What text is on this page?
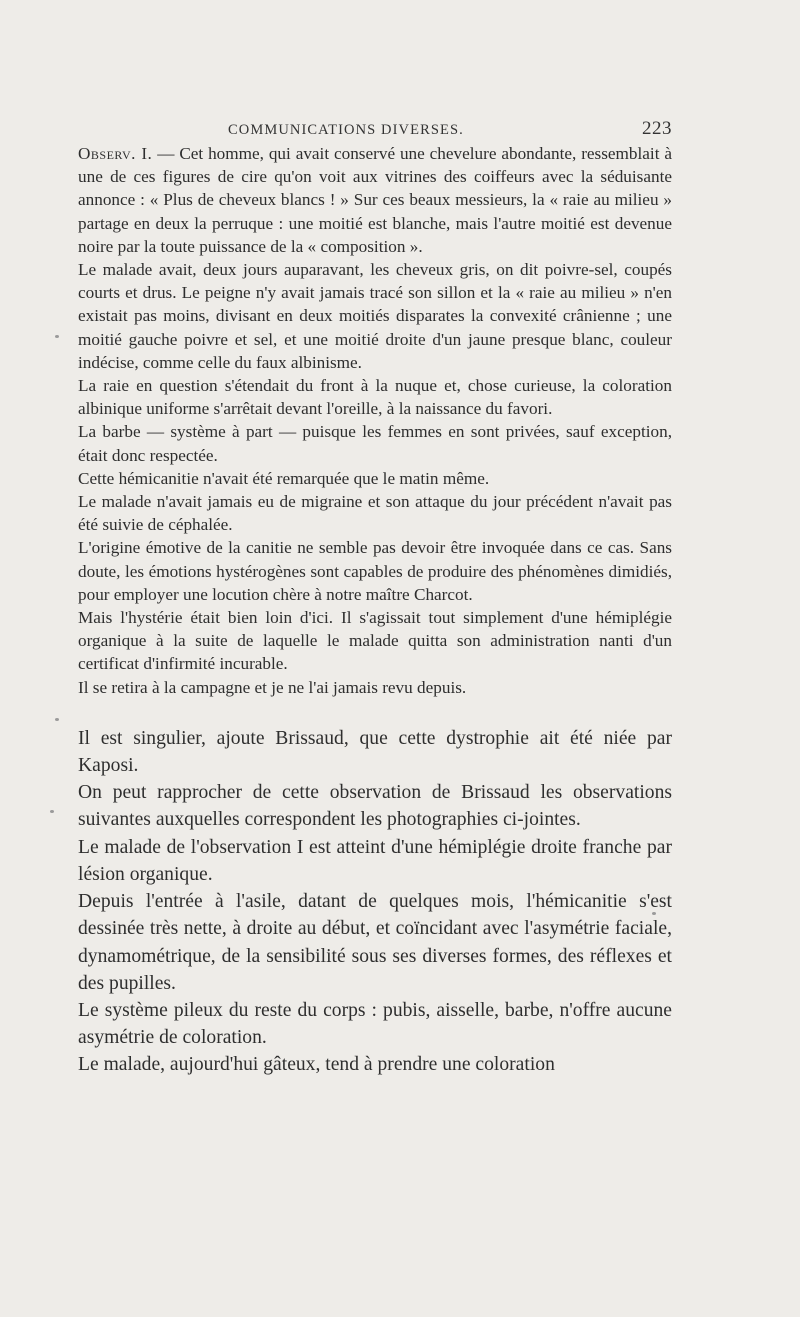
COMMUNICATIONS DIVERSES.	223

Observ. I. — Cet homme, qui avait conservé une chevelure abondante, ressemblait à une de ces figures de cire qu'on voit aux vitrines des coiffeurs avec la séduisante annonce : « Plus de cheveux blancs ! » Sur ces beaux messieurs, la « raie au milieu » partage en deux la perruque : une moitié est blanche, mais l'autre moitié est devenue noire par la toute puissance de la « composition ».

Le malade avait, deux jours auparavant, les cheveux gris, on dit poivre-sel, coupés courts et drus. Le peigne n'y avait jamais tracé son sillon et la « raie au milieu » n'en existait pas moins, divisant en deux moitiés disparates la convexité crânienne ; une moitié gauche poivre et sel, et une moitié droite d'un jaune presque blanc, couleur indécise, comme celle du faux albinisme.

La raie en question s'étendait du front à la nuque et, chose curieuse, la coloration albinique uniforme s'arrêtait devant l'oreille, à la naissance du favori.

La barbe — système à part — puisque les femmes en sont privées, sauf exception, était donc respectée.

Cette hémicanitie n'avait été remarquée que le matin même.

Le malade n'avait jamais eu de migraine et son attaque du jour précédent n'avait pas été suivie de céphalée.

L'origine émotive de la canitie ne semble pas devoir être invoquée dans ce cas. Sans doute, les émotions hystérogènes sont capables de produire des phénomènes dimidiés, pour employer une locution chère à notre maître Charcot.

Mais l'hystérie était bien loin d'ici. Il s'agissait tout simplement d'une hémiplégie organique à la suite de laquelle le malade quitta son administration nanti d'un certificat d'infirmité incurable.

Il se retira à la campagne et je ne l'ai jamais revu depuis.

Il est singulier, ajoute Brissaud, que cette dystrophie ait été niée par Kaposi.

On peut rapprocher de cette observation de Brissaud les observations suivantes auxquelles correspondent les photographies ci-jointes.

Le malade de l'observation I est atteint d'une hémiplégie droite franche par lésion organique.

Depuis l'entrée à l'asile, datant de quelques mois, l'hémicanitie s'est dessinée très nette, à droite au début, et coïncidant avec l'asymétrie faciale, dynamométrique, de la sensibilité sous ses diverses formes, des réflexes et des pupilles.

Le système pileux du reste du corps : pubis, aisselle, barbe, n'offre aucune asymétrie de coloration.

Le malade, aujourd'hui gâteux, tend à prendre une coloration
